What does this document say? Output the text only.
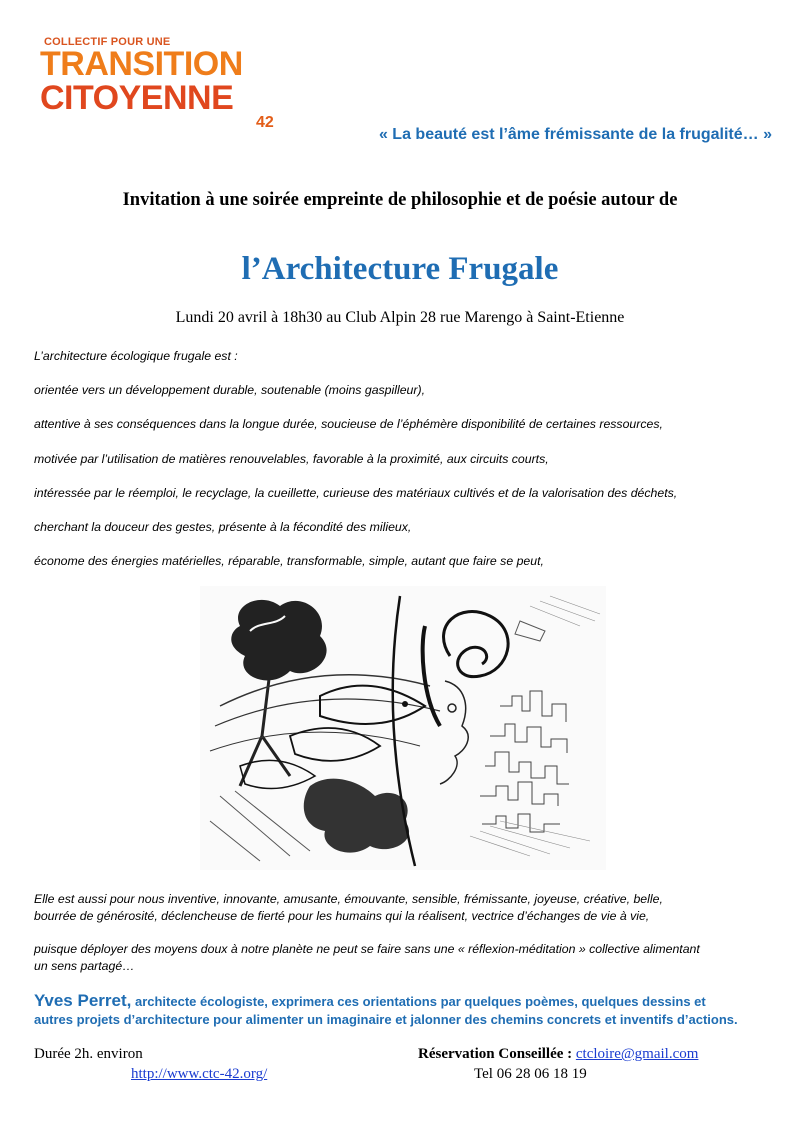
COLLECTIF POUR UNE
TRANSITION
CITOYENNE
42
« La beauté est l’âme frémissante de la frugalité… »
Invitation à une soirée empreinte de philosophie et de poésie autour de
l’Architecture Frugale
Lundi 20 avril à 18h30 au Club Alpin 28 rue Marengo à Saint-Etienne
L’architecture écologique frugale est :
orientée vers un développement durable, soutenable (moins gaspilleur),
attentive à ses conséquences dans la longue durée, soucieuse de l’éphémère disponibilité de certaines ressources,
motivée par l’utilisation de matières renouvelables, favorable à la proximité, aux circuits courts,
intéressée par le réemploi, le recyclage, la cueillette, curieuse des matériaux cultivés et de la valorisation des déchets,
cherchant la douceur des gestes, présente à la fécondité des milieux,
économe des énergies matérielles, réparable, transformable, simple, autant que faire se peut,
Elle est aussi pour nous inventive, innovante, amusante, émouvante, sensible, frémissante, joyeuse, créative, belle,
bourrée de générosité, déclencheuse de fierté pour les humains qui la réalisent, vectrice d’échanges de vie à vie,
puisque déployer des moyens doux à notre planète ne peut se faire sans une « réflexion-méditation » collective alimentant
un sens partagé…
Yves Perret, architecte écologiste, exprimera ces orientations par quelques poèmes, quelques dessins et
autres projets d’architecture pour alimenter un imaginaire et jalonner des chemins concrets et inventifs d’actions.
Durée 2h. environ
http://www.ctc-42.org/
Réservation Conseillée : ctcloire@gmail.com
Tel 06 28 06 18 19
